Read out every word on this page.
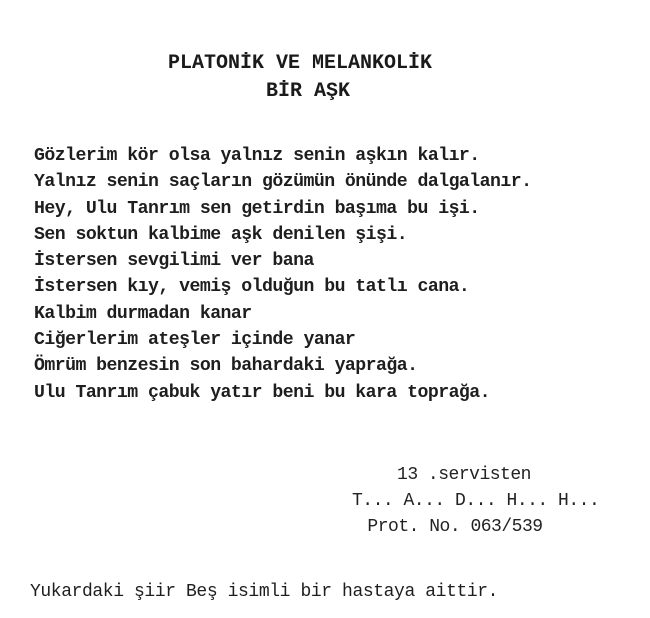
PLATONİK VE MELANKOLİK
BİR AŞK
Gözlerim kör olsa yalnız senin aşkın kalır.
Yalnız senin saçların gözümün önünde dalgalanır.
Hey, Ulu Tanrım sen getirdin başıma bu işi.
Sen soktun kalbime aşk denilen şişi.
İstersen sevgilimi ver bana
İstersen kıy, vemiş olduğun bu tatlı cana.
Kalbim durmadan kanar
Ciğerlerim ateşler içinde yanar
Ömrüm benzesin son bahardaki yaprağa.
Ulu Tanrım çabuk yatır beni bu kara toprağa.
13 .servisten
T... A... D... H... H...
Prot. No. 063/539
Yukardaki şiir Beş isimli bir hastaya aittir.
